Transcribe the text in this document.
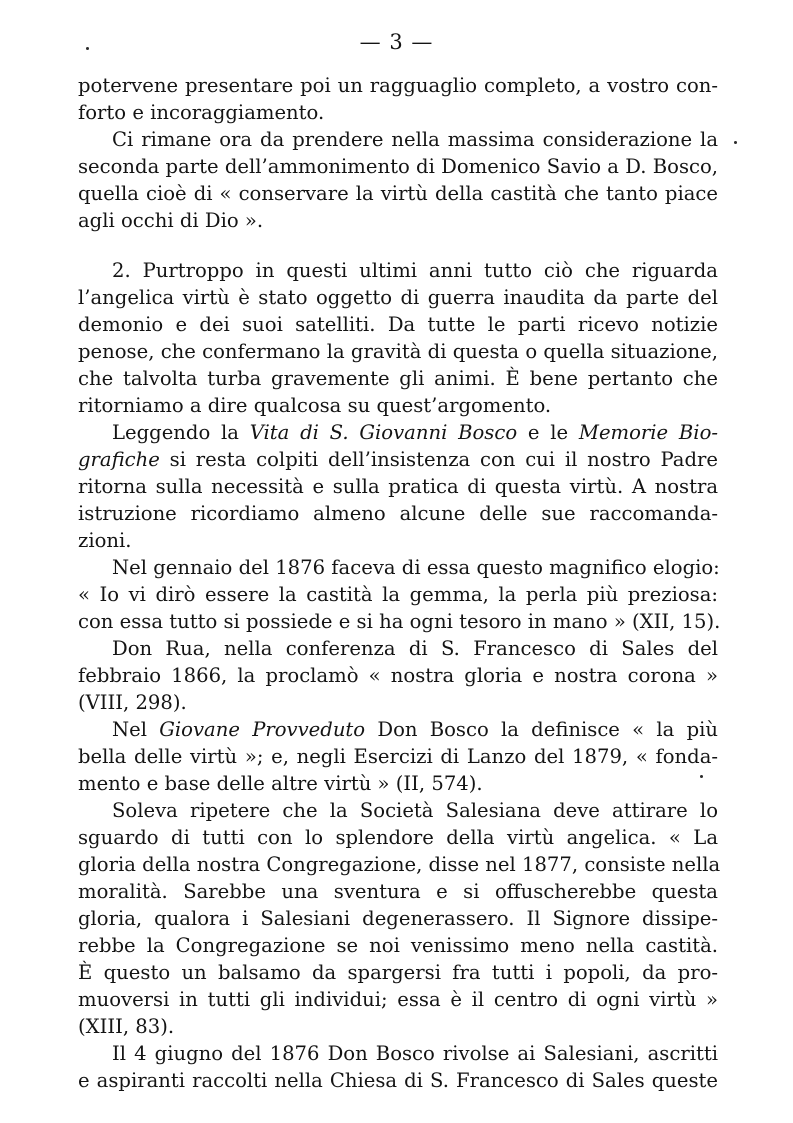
— 3 —
potervene presentare poi un ragguaglio completo, a vostro con-
forto e incoraggiamento.
Ci rimane ora da prendere nella massima considerazione la
seconda parte dell’ammonimento di Domenico Savio a D. Bosco,
quella cioè di « conservare la virtù della castità che tanto piace
agli occhi di Dio ».
2. Purtroppo in questi ultimi anni tutto ciò che riguarda
l’angelica virtù è stato oggetto di guerra inaudita da parte del
demonio e dei suoi satelliti. Da tutte le parti ricevo notizie
penose, che confermano la gravità di questa o quella situazione,
che talvolta turba gravemente gli animi. È bene pertanto che
ritorniamo a dire qualcosa su quest’argomento.
Leggendo la Vita di S. Giovanni Bosco e le Memorie Bio-
grafiche si resta colpiti dell’insistenza con cui il nostro Padre
ritorna sulla necessità e sulla pratica di questa virtù. A nostra
istruzione ricordiamo almeno alcune delle sue raccomanda-
zioni.
Nel gennaio del 1876 faceva di essa questo magnifico elogio:
« Io vi dirò essere la castità la gemma, la perla più preziosa:
con essa tutto si possiede e si ha ogni tesoro in mano » (XII, 15).
Don Rua, nella conferenza di S. Francesco di Sales del
febbraio 1866, la proclamò « nostra gloria e nostra corona »
(VIII, 298).
Nel Giovane Provveduto Don Bosco la definisce « la più
bella delle virtù »; e, negli Esercizi di Lanzo del 1879, « fonda-
mento e base delle altre virtù » (II, 574).
Soleva ripetere che la Società Salesiana deve attirare lo
sguardo di tutti con lo splendore della virtù angelica. « La
gloria della nostra Congregazione, disse nel 1877, consiste nella
moralità. Sarebbe una sventura e si offuscherebbe questa
gloria, qualora i Salesiani degenerassero. Il Signore dissipe-
rebbe la Congregazione se noi venissimo meno nella castità.
È questo un balsamo da spargersi fra tutti i popoli, da pro-
muoversi in tutti gli individui; essa è il centro di ogni virtù »
(XIII, 83).
Il 4 giugno del 1876 Don Bosco rivolse ai Salesiani, ascritti
e aspiranti raccolti nella Chiesa di S. Francesco di Sales queste
